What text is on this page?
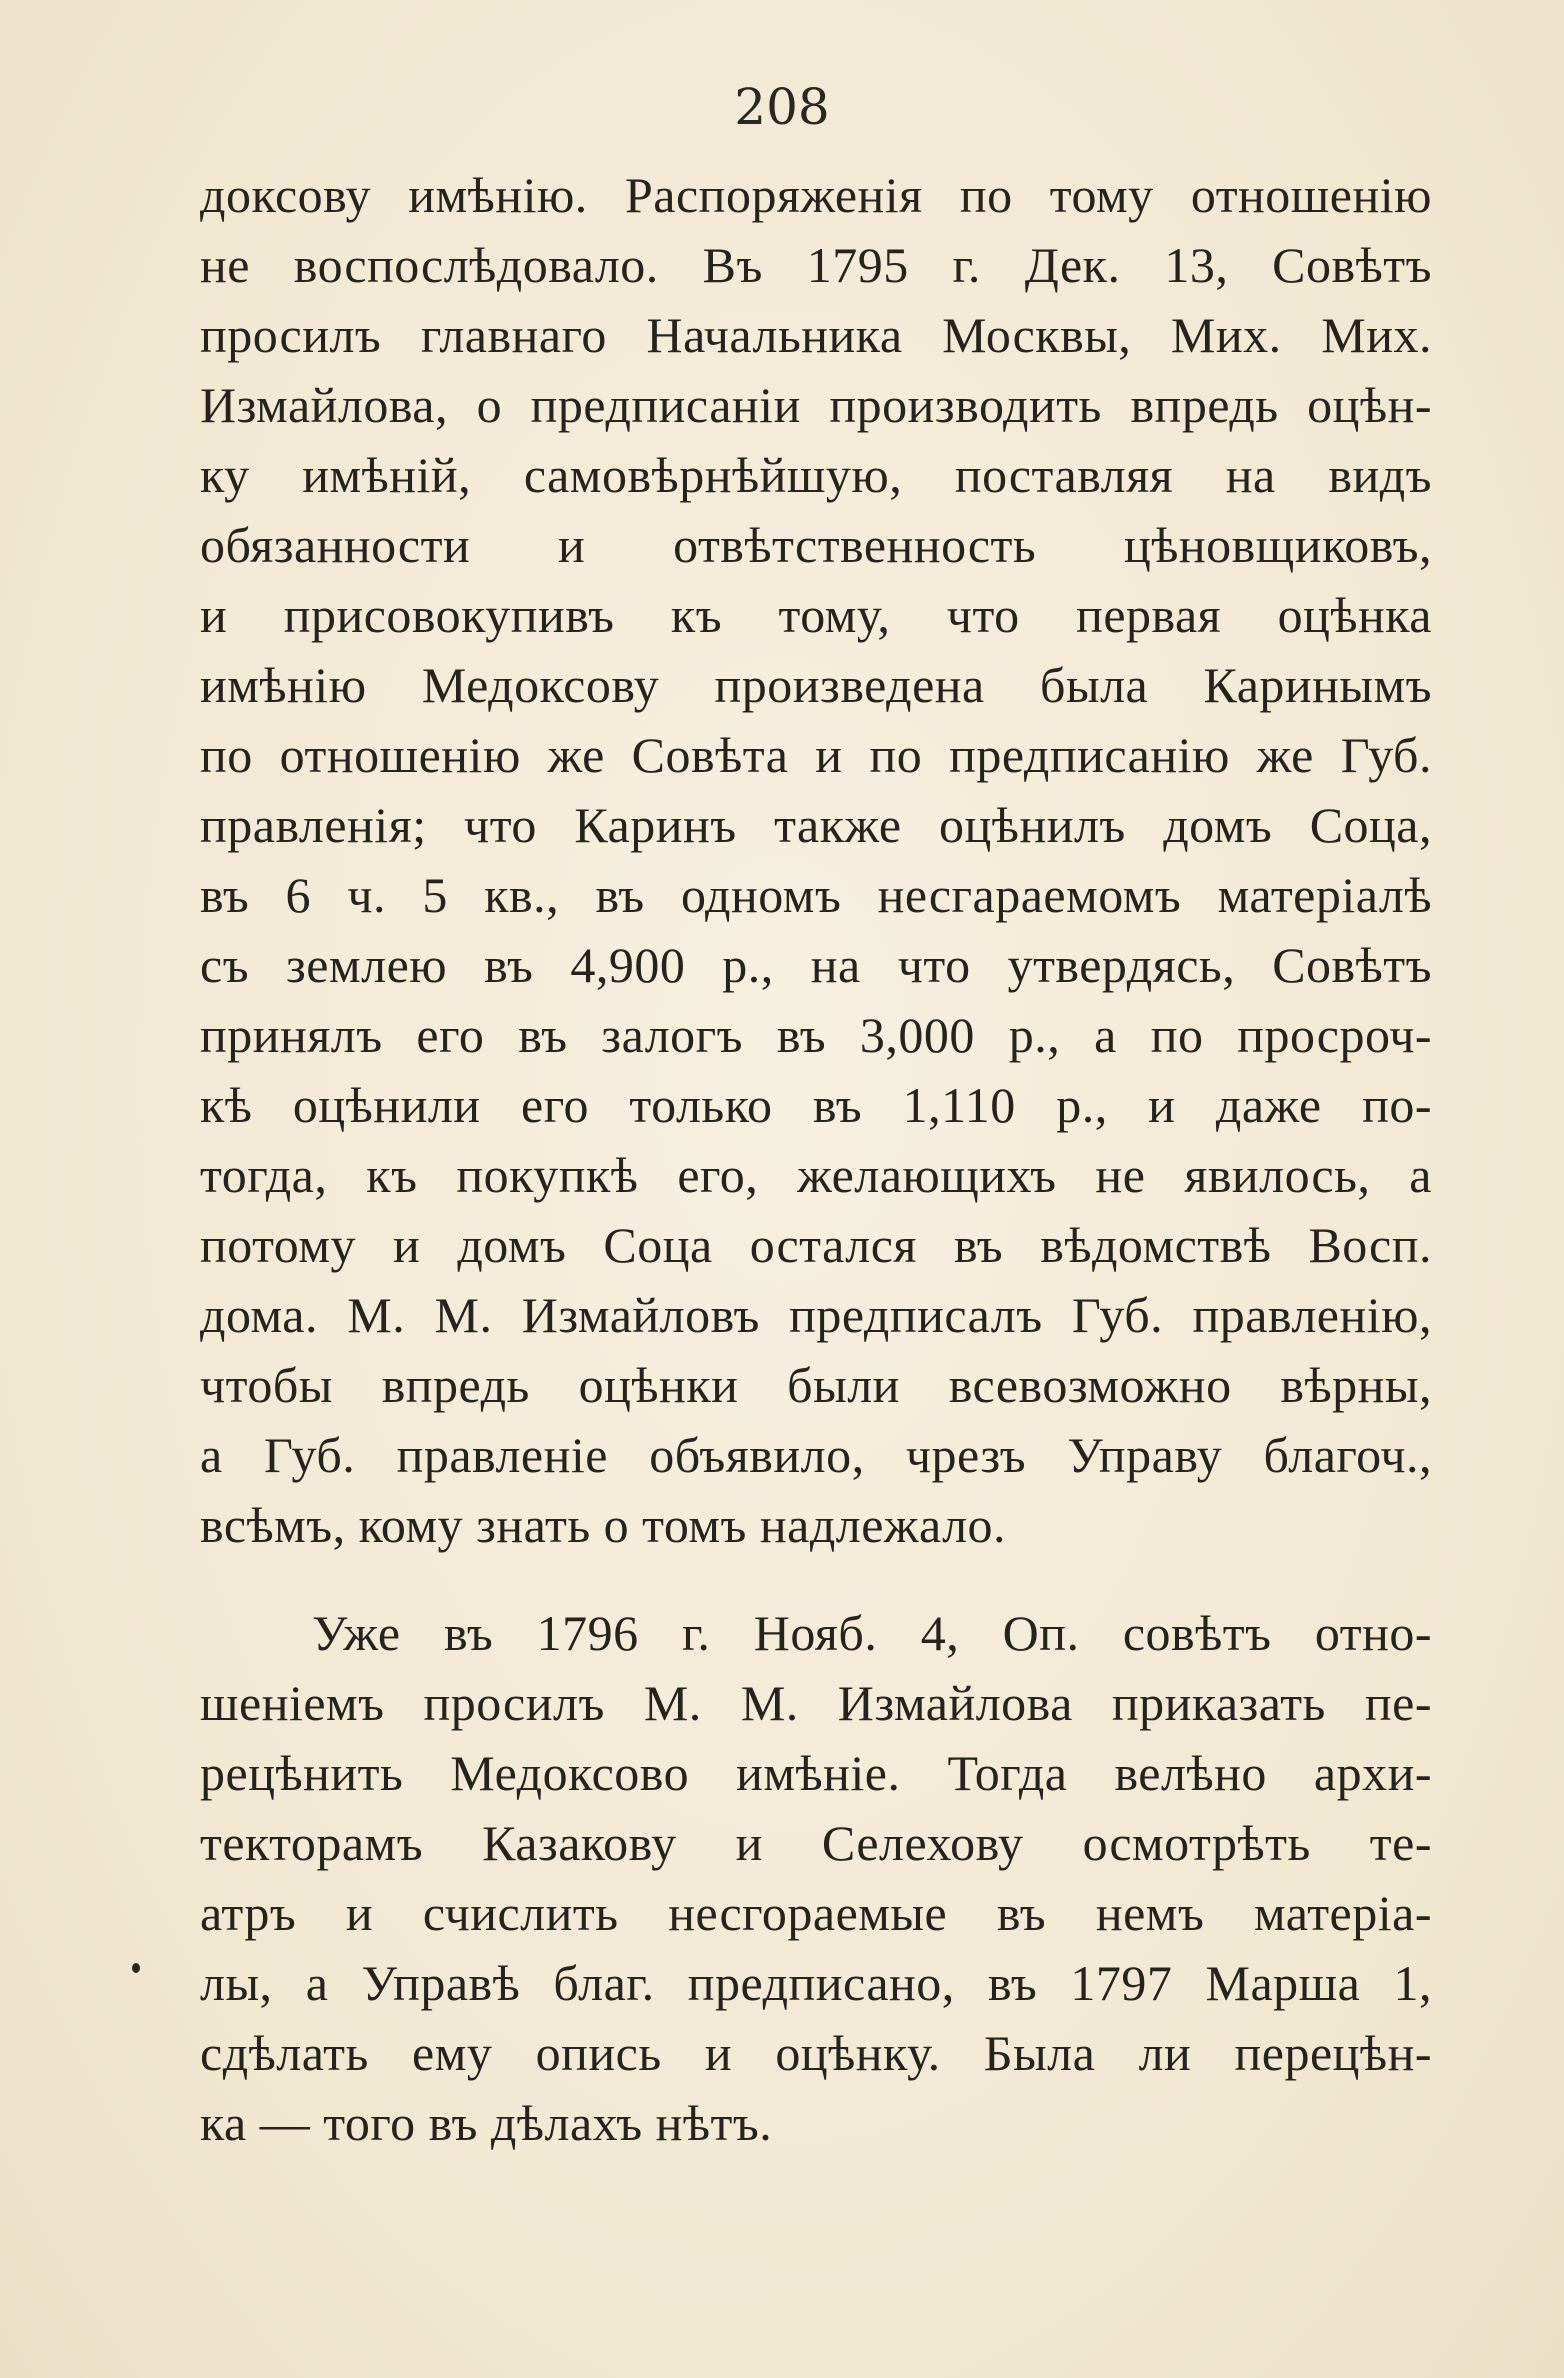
208
доксову имѣнію. Распоряженія по тому отношенію
не воспослѣдовало. Въ 1795 г. Дек. 13, Совѣтъ
просилъ главнаго Начальника Москвы, Мих. Мих.
Измайлова, о предписаніи производить впредь оцѣн-
ку имѣній, самовѣрнѣйшую, поставляя на видъ
обязанности и отвѣтственность цѣновщиковъ,
и присовокупивъ къ тому, что первая оцѣнка
имѣнію Медоксову произведена была Каринымъ
по отношенію же Совѣта и по предписанію же Губ.
правленія; что Каринъ также оцѣнилъ домъ Соца,
въ 6 ч. 5 кв., въ одномъ несгараемомъ матеріалѣ
съ землею въ 4,900 р., на что утвердясь, Совѣтъ
принялъ его въ залогъ въ 3,000 р., а по просроч-
кѣ оцѣнили его только въ 1,110 р., и даже по-
тогда, къ покупкѣ его, желающихъ не явилось, а
потому и домъ Соца остался въ вѣдомствѣ Восп.
дома. М. М. Измайловъ предписалъ Губ. правленію,
чтобы впредь оцѣнки были всевозможно вѣрны,
а Губ. правленіе объявило, чрезъ Управу благоч.,
всѣмъ, кому знать о томъ надлежало.
Уже въ 1796 г. Нояб. 4, Оп. совѣтъ отно-
шеніемъ просилъ М. М. Измайлова приказать пе-
рецѣнить Медоксово имѣніе. Тогда велѣно архи-
текторамъ Казакову и Селехову осмотрѣть те-
атръ и счислить несгораемые въ немъ матеріа-
лы, а Управѣ благ. предписано, въ 1797 Марша 1,
сдѣлать ему опись и оцѣнку. Была ли перецѣн-
ка — того въ дѣлахъ нѣтъ.
